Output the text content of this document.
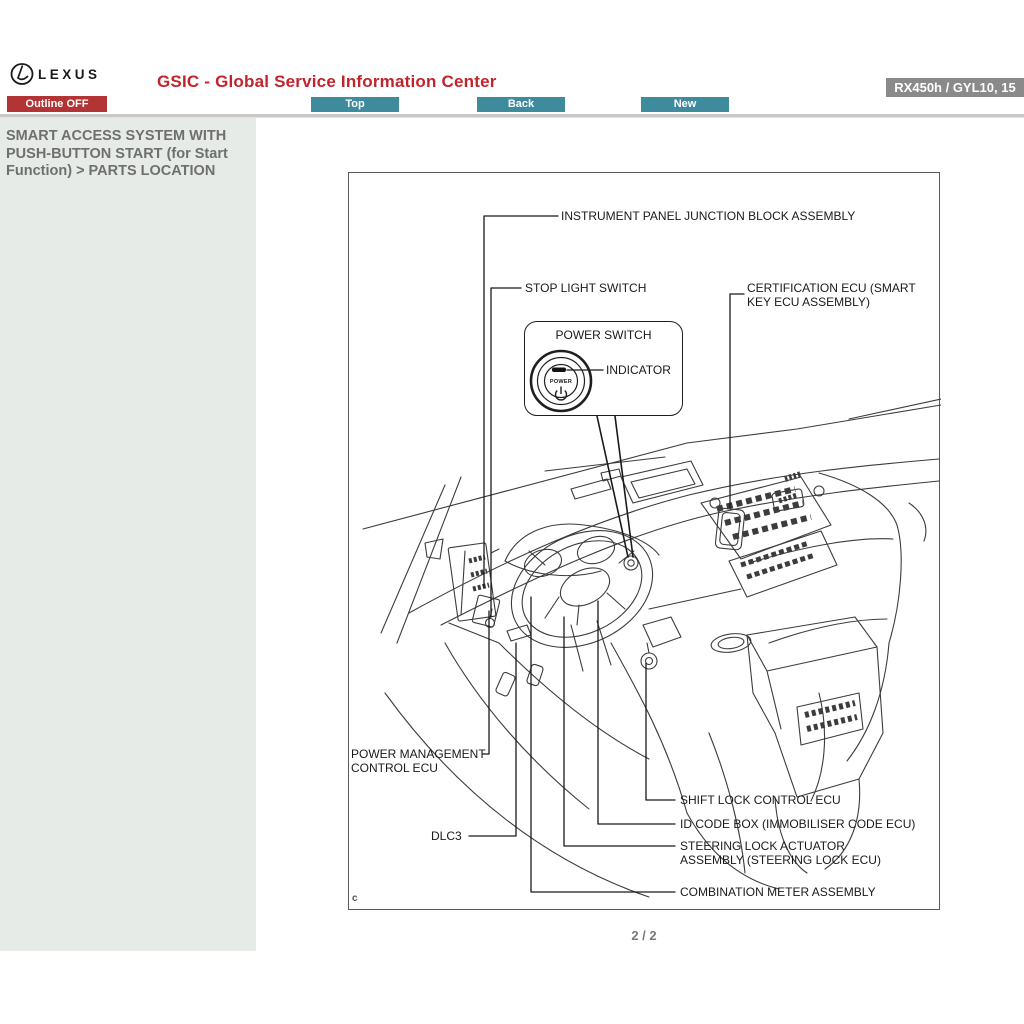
LEXUS	GSIC - Global Service Information Center
Outline OFF	Top	Back	New
RX450h / GYL10, 15
SMART ACCESS SYSTEM WITH PUSH-BUTTON START (for Start Function) > PARTS LOCATION
INSTRUMENT PANEL JUNCTION BLOCK ASSEMBLY
STOP LIGHT SWITCH	CERTIFICATION ECU (SMART
KEY ECU ASSEMBLY)
POWER SWITCH
POWER
INDICATOR
POWER MANAGEMENT
CONTROL ECU
DLC3
SHIFT LOCK CONTROL ECU
ID CODE BOX (IMMOBILISER CODE ECU)
STEERING LOCK ACTUATOR
ASSEMBLY (STEERING LOCK ECU)
COMBINATION METER ASSEMBLY
c
2 / 2
